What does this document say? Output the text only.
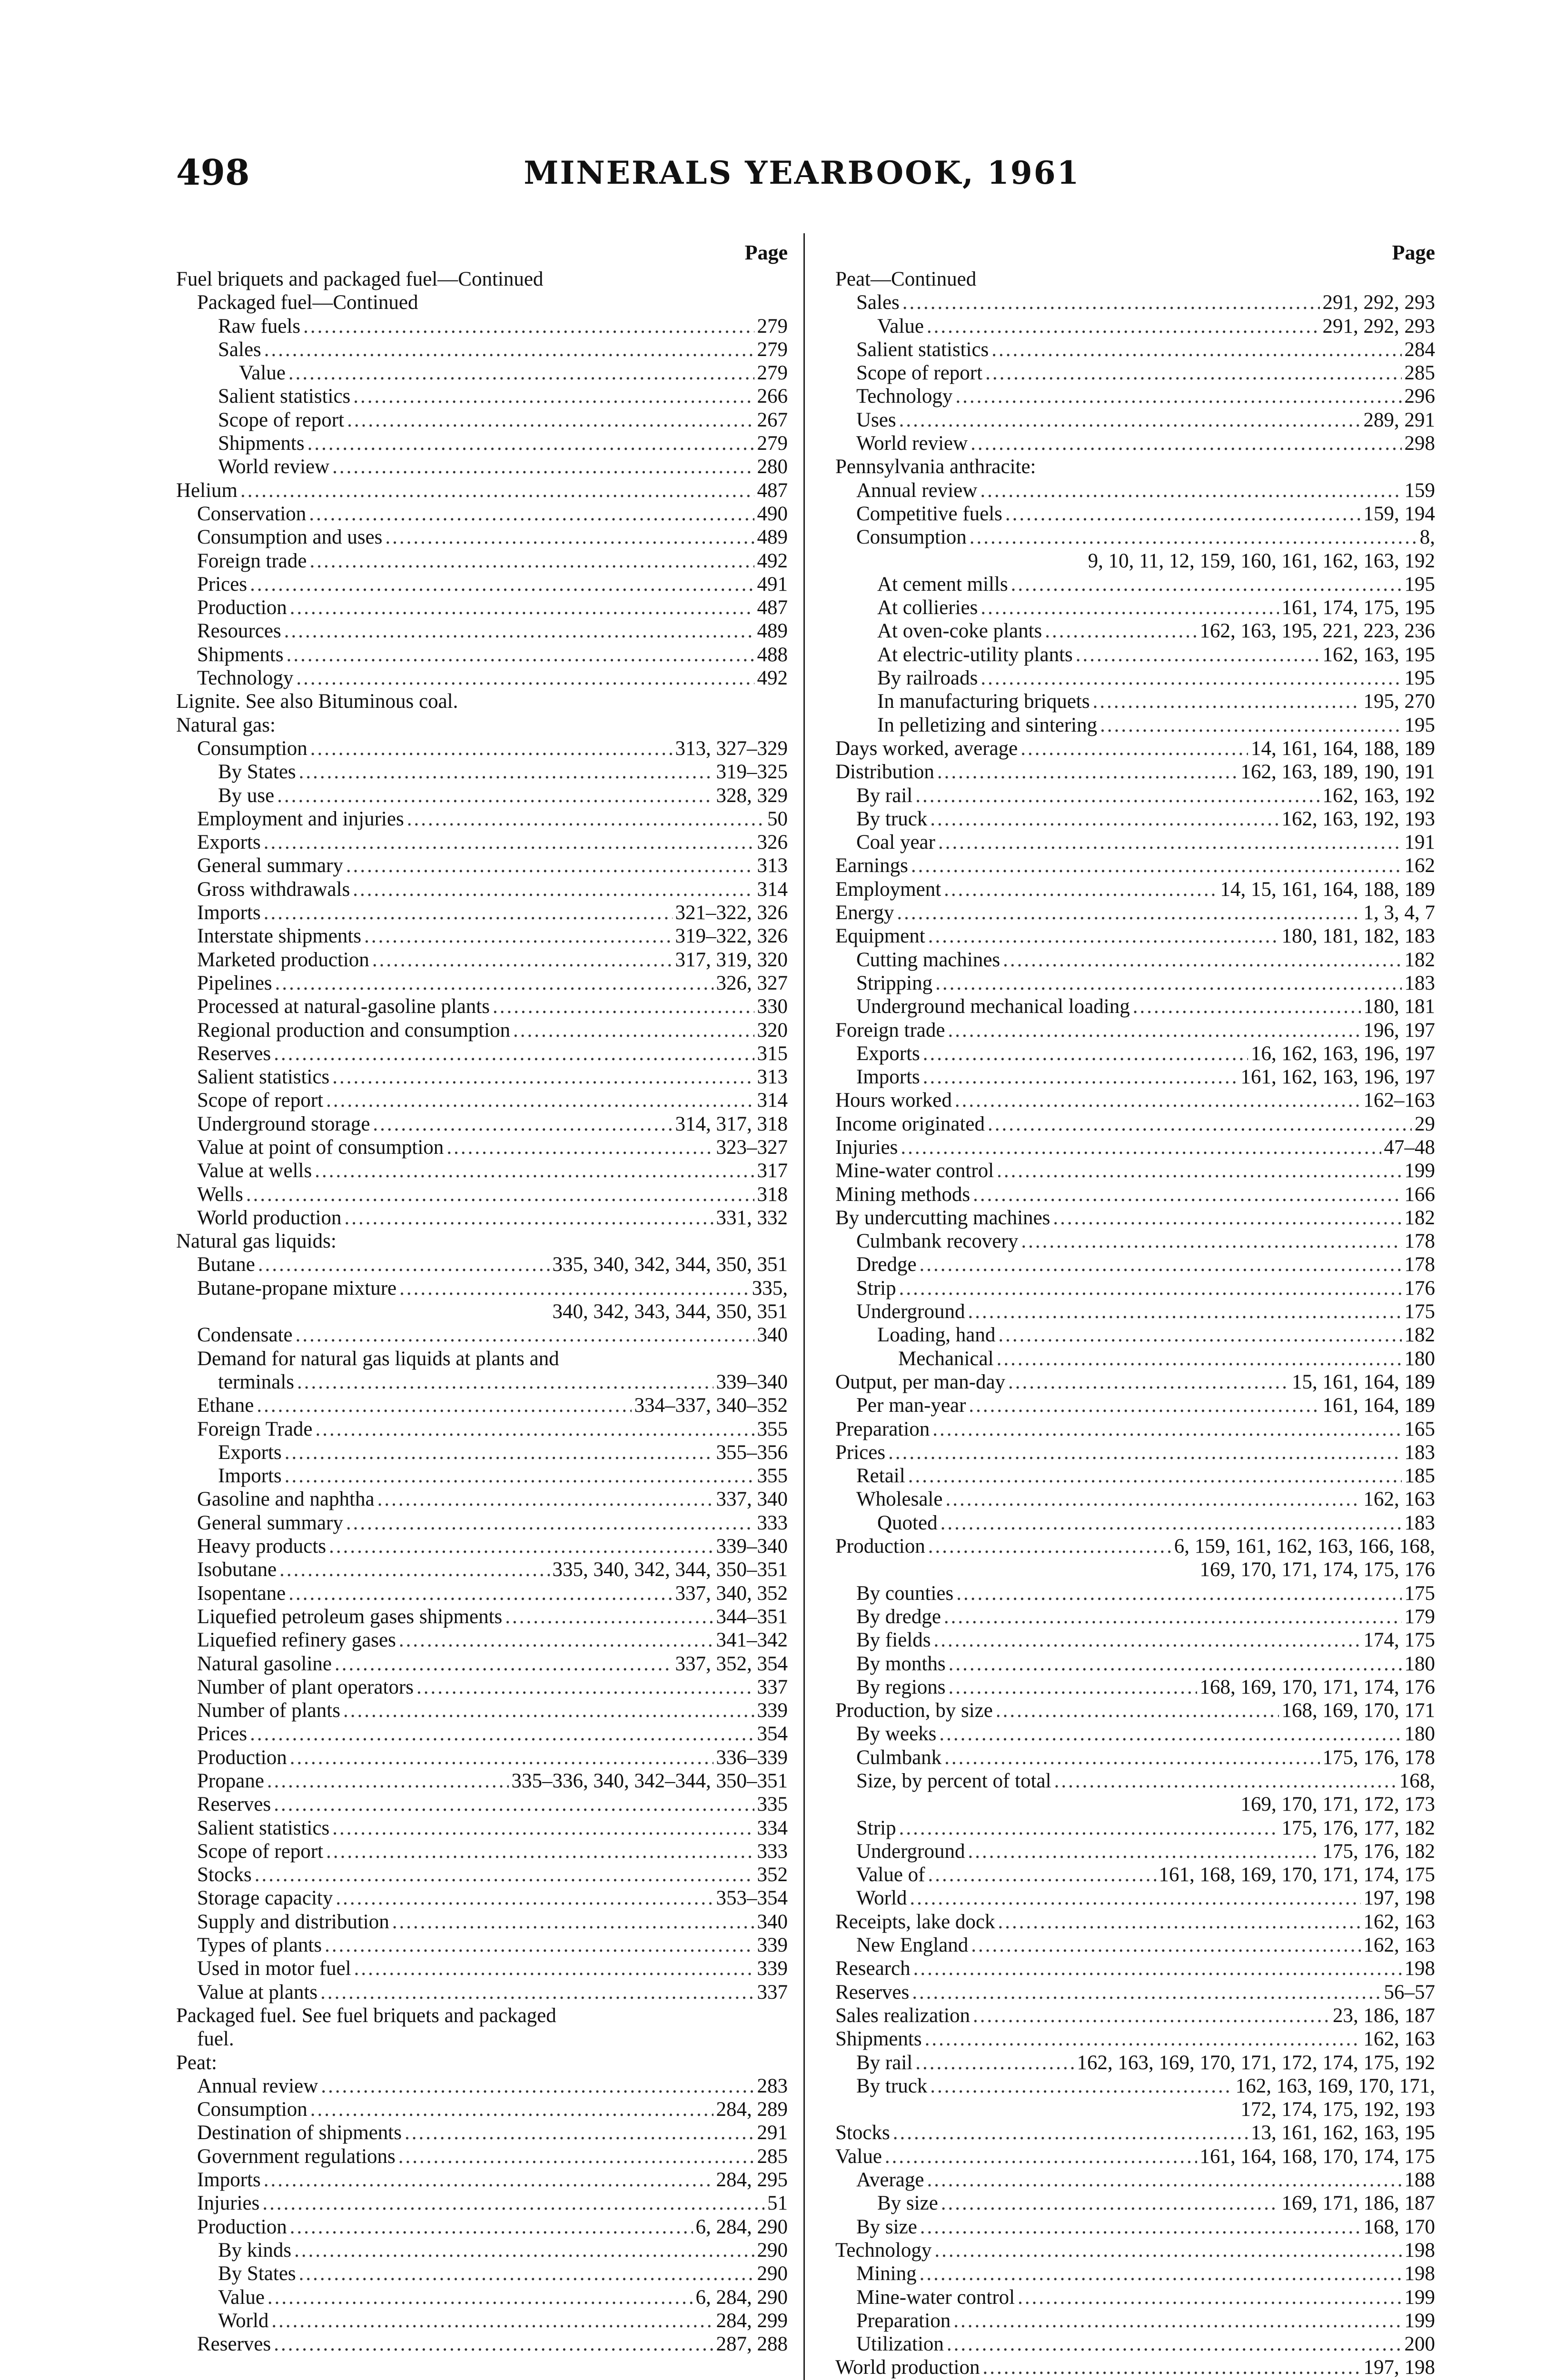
498	MINERALS YEARBOOK, 1961
Page
Fuel briquets and packaged fuel—Continued
Packaged fuel—Continued
Raw fuels .....	279
Sales .....	279
Value .....	279
Salient statistics .....	266
Scope of report .....	267
Shipments .....	279
World review .....	280
Helium .....	487
Conservation .....	490
Consumption and uses .....	489
Foreign trade .....	492
Prices .....	491
Production .....	487
Resources .....	489
Shipments .....	488
Technology .....	492
Lignite. See also Bituminous coal.
Natural gas:
Consumption .....	313, 327–329
By States .....	319–325
By use .....	328, 329
Employment and injuries .....	50
Exports .....	326
General summary .....	313
Gross withdrawals .....	314
Imports .....	321–322, 326
Interstate shipments .....	319–322, 326
Marketed production .....	317, 319, 320
Pipelines .....	326, 327
Processed at natural-gasoline plants .....	330
Regional production and consumption .....	320
Reserves .....	315
Salient statistics .....	313
Scope of report .....	314
Underground storage .....	314, 317, 318
Value at point of consumption .....	323–327
Value at wells .....	317
Wells .....	318
World production .....	331, 332
Natural gas liquids:
Butane .....	335, 340, 342, 344, 350, 351
Butane-propane mixture .....	335,
340, 342, 343, 344, 350, 351
Condensate .....	340
Demand for natural gas liquids at plants and
terminals .....	339–340
Ethane .....	334–337, 340–352
Foreign Trade .....	355
Exports .....	355–356
Imports .....	355
Gasoline and naphtha .....	337, 340
General summary .....	333
Heavy products .....	339–340
Isobutane .....	335, 340, 342, 344, 350–351
Isopentane .....	337, 340, 352
Liquefied petroleum gases shipments .....	344–351
Liquefied refinery gases .....	341–342
Natural gasoline .....	337, 352, 354
Number of plant operators .....	337
Number of plants .....	339
Prices .....	354
Production .....	336–339
Propane .....	335–336, 340, 342–344, 350–351
Reserves .....	335
Salient statistics .....	334
Scope of report .....	333
Stocks .....	352
Storage capacity .....	353–354
Supply and distribution .....	340
Types of plants .....	339
Used in motor fuel .....	339
Value at plants .....	337
Packaged fuel. See fuel briquets and packaged
fuel.
Peat:
Annual review .....	283
Consumption .....	284, 289
Destination of shipments .....	291
Government regulations .....	285
Imports .....	284, 295
Injuries .....	51
Production .....	6, 284, 290
By kinds .....	290
By States .....	290
Value .....	6, 284, 290
World .....	284, 299
Reserves .....	287, 288
Page
Peat—Continued
Sales .....	291, 292, 293
Value .....	291, 292, 293
Salient statistics .....	284
Scope of report .....	285
Technology .....	296
Uses .....	289, 291
World review .....	298
Pennsylvania anthracite:
Annual review .....	159
Competitive fuels .....	159, 194
Consumption .....	8,
9, 10, 11, 12, 159, 160, 161, 162, 163, 192
At cement mills .....	195
At collieries .....	161, 174, 175, 195
At oven-coke plants .....	162, 163, 195, 221, 223, 236
At electric-utility plants .....	162, 163, 195
By railroads .....	195
In manufacturing briquets .....	195, 270
In pelletizing and sintering .....	195
Days worked, average .....	14, 161, 164, 188, 189
Distribution .....	162, 163, 189, 190, 191
By rail .....	162, 163, 192
By truck .....	162, 163, 192, 193
Coal year .....	191
Earnings .....	162
Employment .....	14, 15, 161, 164, 188, 189
Energy .....	1, 3, 4, 7
Equipment .....	180, 181, 182, 183
Cutting machines .....	182
Stripping .....	183
Underground mechanical loading .....	180, 181
Foreign trade .....	196, 197
Exports .....	16, 162, 163, 196, 197
Imports .....	161, 162, 163, 196, 197
Hours worked .....	162–163
Income originated .....	29
Injuries .....	47–48
Mine-water control .....	199
Mining methods .....	166
By undercutting machines .....	182
Culmbank recovery .....	178
Dredge .....	178
Strip .....	176
Underground .....	175
Loading, hand .....	182
Mechanical .....	180
Output, per man-day .....	15, 161, 164, 189
Per man-year .....	161, 164, 189
Preparation .....	165
Prices .....	183
Retail .....	185
Wholesale .....	162, 163
Quoted .....	183
Production .....	6, 159, 161, 162, 163, 166, 168,
169, 170, 171, 174, 175, 176
By counties .....	175
By dredge .....	179
By fields .....	174, 175
By months .....	180
By regions .....	168, 169, 170, 171, 174, 176
Production, by size .....	168, 169, 170, 171
By weeks .....	180
Culmbank .....	175, 176, 178
Size, by percent of total .....	168,
169, 170, 171, 172, 173
Strip .....	175, 176, 177, 182
Underground .....	175, 176, 182
Value of .....	161, 168, 169, 170, 171, 174, 175
World .....	197, 198
Receipts, lake dock .....	162, 163
New England .....	162, 163
Research .....	198
Reserves .....	56–57
Sales realization .....	23, 186, 187
Shipments .....	162, 163
By rail .....	162, 163, 169, 170, 171, 172, 174, 175, 192
By truck .....	162, 163, 169, 170, 171,
172, 174, 175, 192, 193
Stocks .....	13, 161, 162, 163, 195
Value .....	161, 164, 168, 170, 174, 175
Average .....	188
By size .....	169, 171, 186, 187
By size .....	168, 170
Technology .....	198
Mining .....	198
Mine-water control .....	199
Preparation .....	199
Utilization .....	200
World production .....	197, 198
